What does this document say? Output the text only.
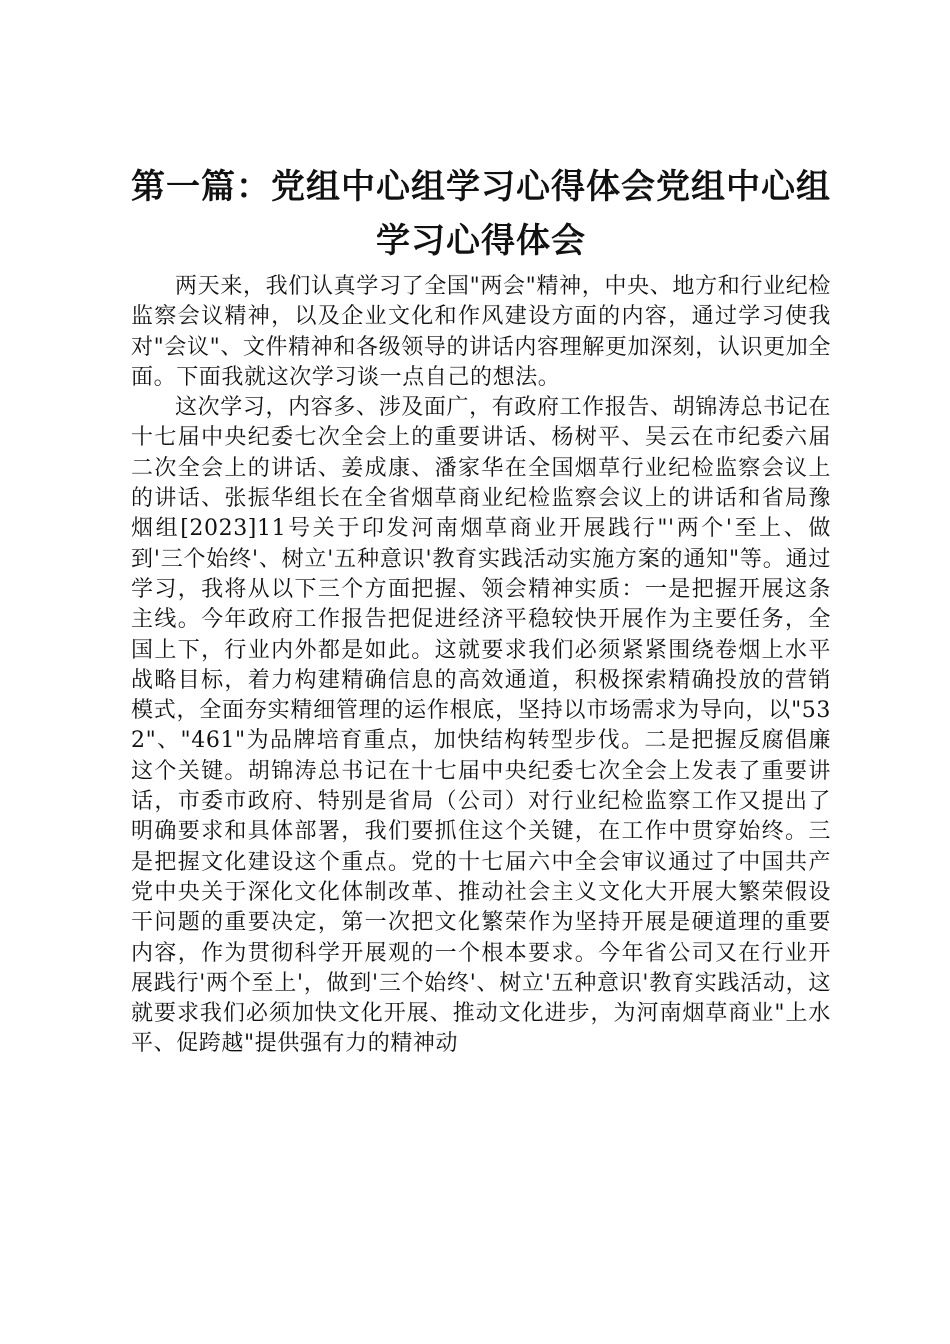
第一篇：党组中心组学习心得体会党组中心组
学习心得体会

两天来，我们认真学习了全国"两会"精神，中央、地方和行业纪检监察会议精神，以及企业文化和作风建设方面的内容，通过学习使我对"会议"、文件精神和各级领导的讲话内容理解更加深刻，认识更加全面。下面我就这次学习谈一点自己的想法。

这次学习，内容多、涉及面广，有政府工作报告、胡锦涛总书记在十七届中央纪委七次全会上的重要讲话、杨树平、吴云在市纪委六届二次全会上的讲话、姜成康、潘家华在全国烟草行业纪检监察会议上的讲话、张振华组长在全省烟草商业纪检监察会议上的讲话和省局豫烟组[2023]11号关于印发河南烟草商业开展践行"'两个'至上、做到'三个始终'、树立'五种意识'教育实践活动实施方案的通知"等。通过学习，我将从以下三个方面把握、领会精神实质：一是把握开展这条主线。今年政府工作报告把促进经济平稳较快开展作为主要任务，全国上下，行业内外都是如此。这就要求我们必须紧紧围绕卷烟上水平战略目标，着力构建精确信息的高效通道，积极探索精确投放的营销模式，全面夯实精细管理的运作根底，坚持以市场需求为导向，以"532"、"461"为品牌培育重点，加快结构转型步伐。二是把握反腐倡廉这个关键。胡锦涛总书记在十七届中央纪委七次全会上发表了重要讲话，市委市政府、特别是省局（公司）对行业纪检监察工作又提出了明确要求和具体部署，我们要抓住这个关键，在工作中贯穿始终。三是把握文化建设这个重点。党的十七届六中全会审议通过了中国共产党中央关于深化文化体制改革、推动社会主义文化大开展大繁荣假设干问题的重要决定，第一次把文化繁荣作为坚持开展是硬道理的重要内容，作为贯彻科学开展观的一个根本要求。今年省公司又在行业开展践行'两个至上'，做到'三个始终'、树立'五种意识'教育实践活动，这就要求我们必须加快文化开展、推动文化进步，为河南烟草商业"上水平、促跨越"提供强有力的精神动
